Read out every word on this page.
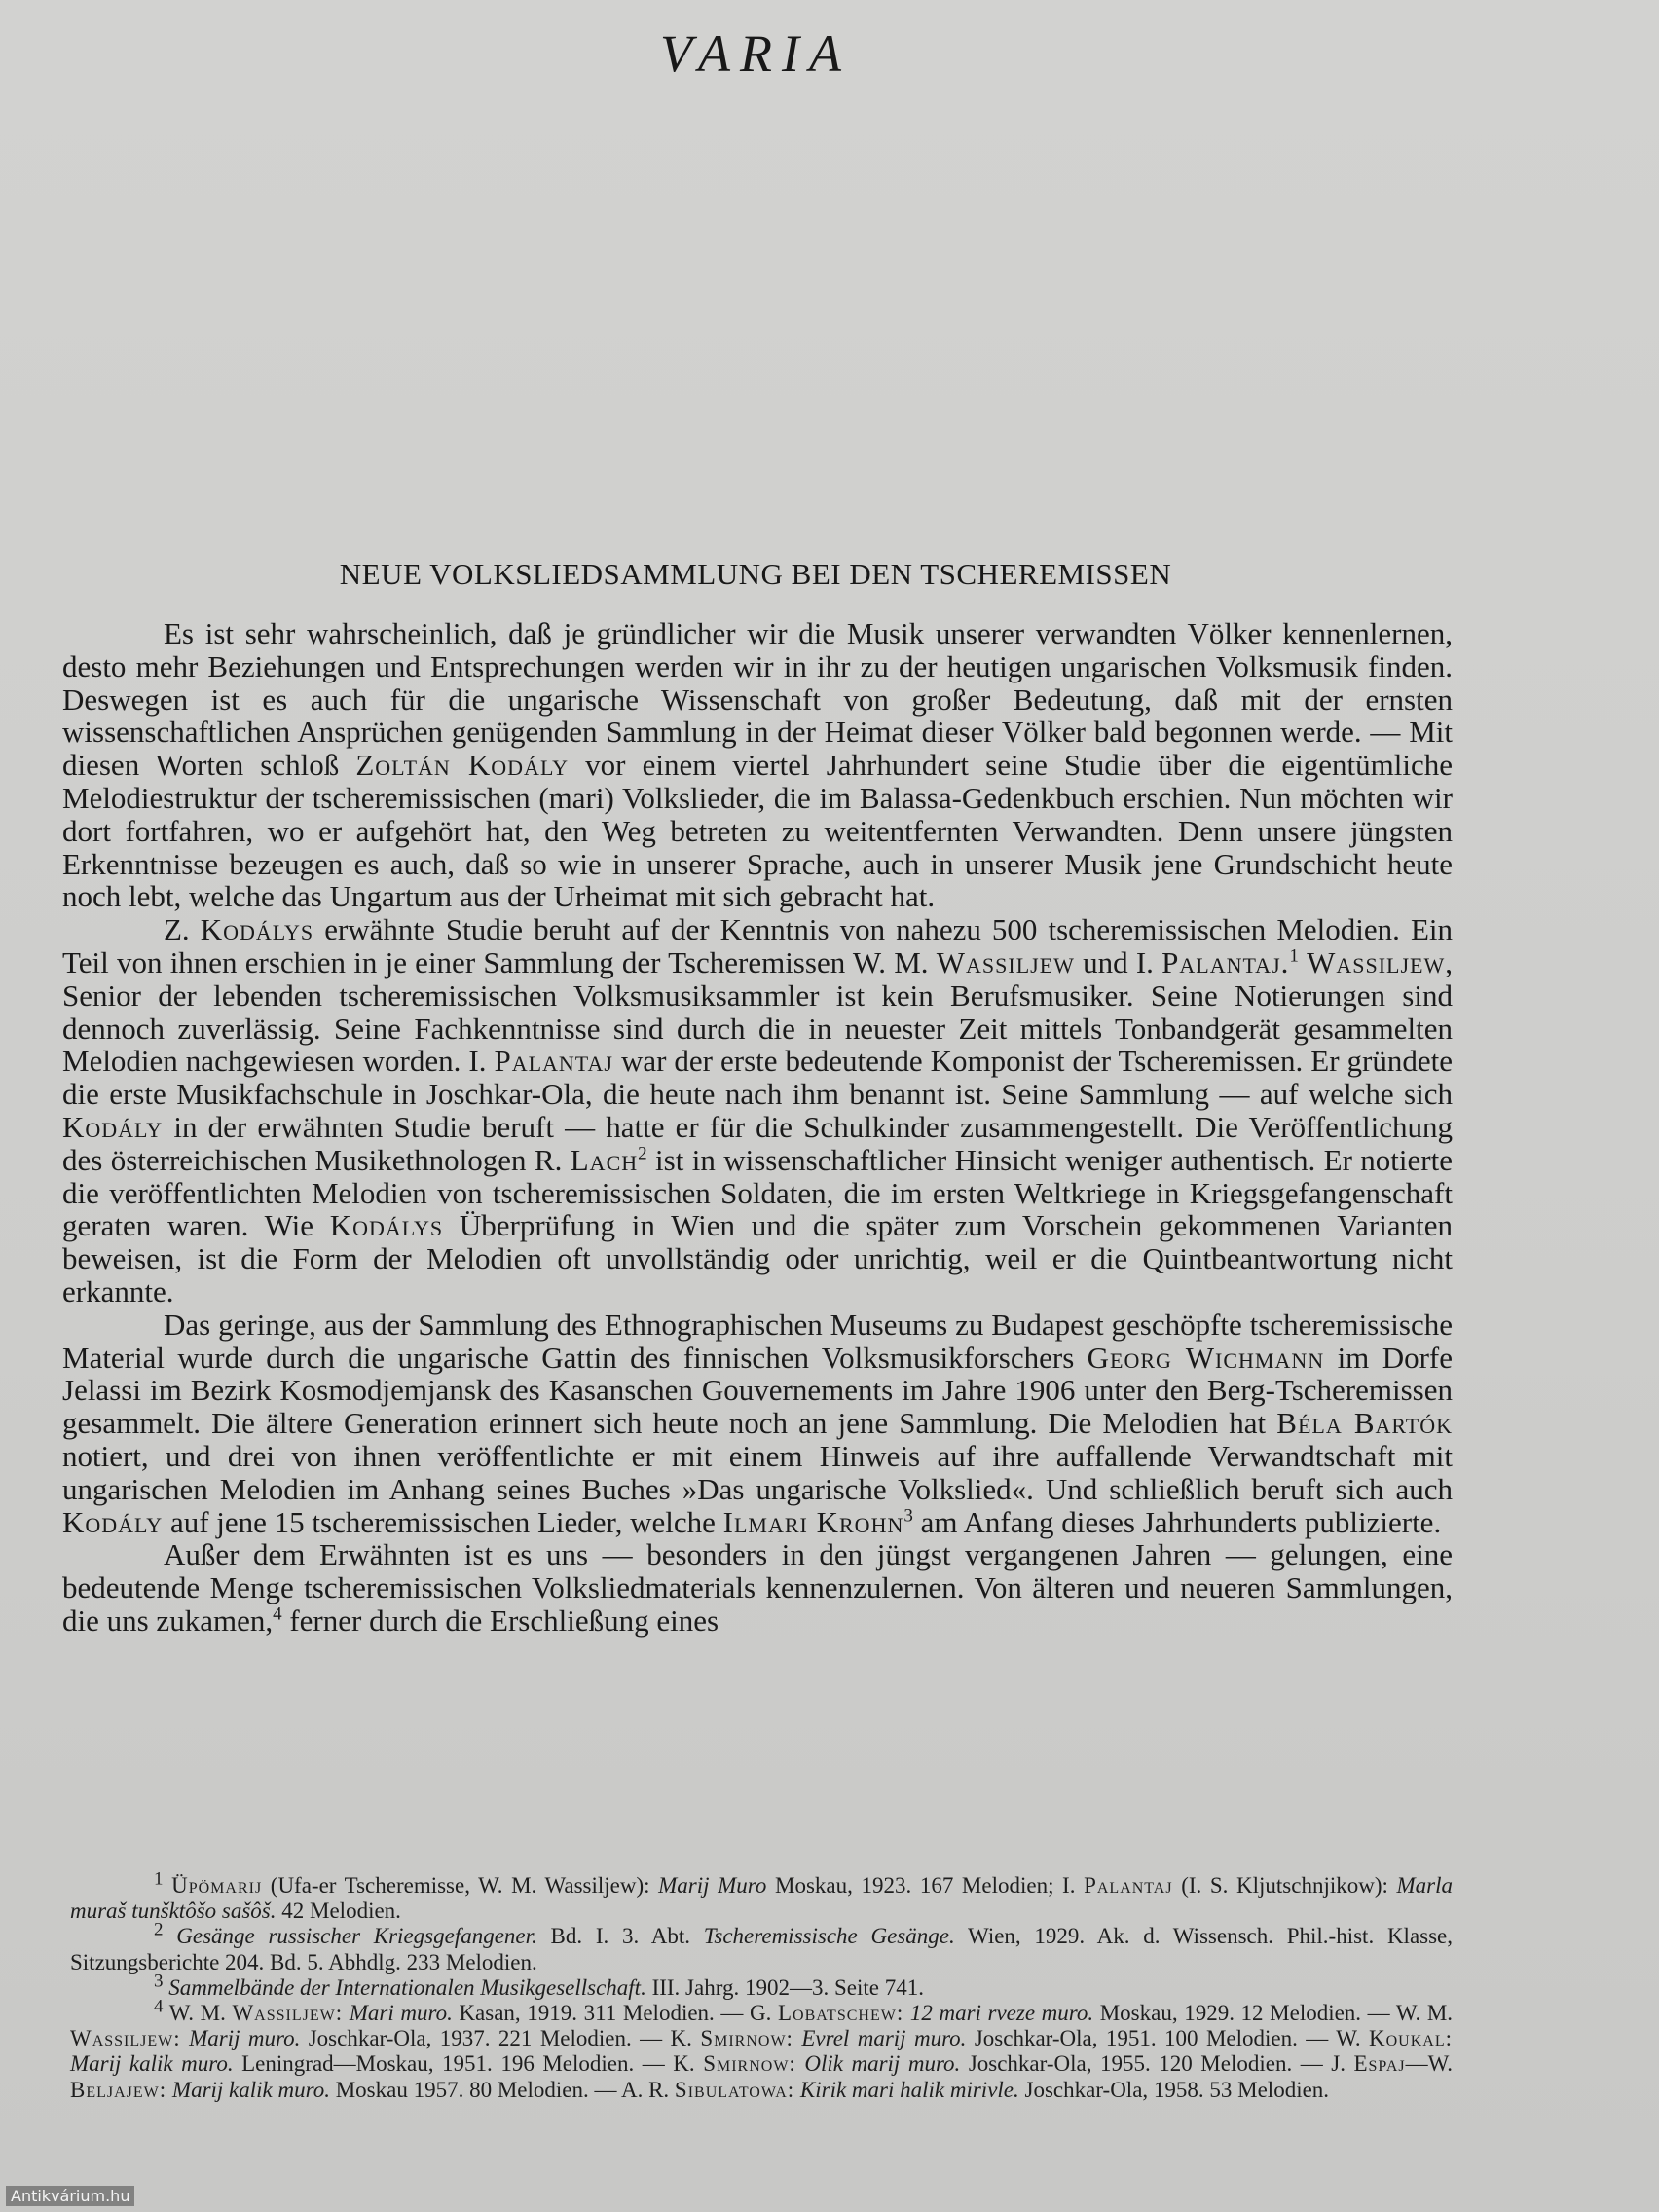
VARIA
NEUE VOLKSLIEDSAMMLUNG BEI DEN TSCHEREMISSEN

Es ist sehr wahrscheinlich, daß je gründlicher wir die Musik unserer verwandten Völker kennenlernen, desto mehr Beziehungen und Entsprechungen werden wir in ihr zu der heutigen ungarischen Volksmusik finden. Deswegen ist es auch für die ungarische Wissenschaft von großer Bedeutung, daß mit der ernsten wissenschaftlichen Ansprüchen genügenden Sammlung in der Heimat dieser Völker bald begonnen werde. — Mit diesen Worten schloß Zoltán Kodály vor einem viertel Jahrhundert seine Studie über die eigentümliche Melodiestruktur der tscheremissischen (mari) Volkslieder, die im Balassa-Gedenkbuch erschien. Nun möchten wir dort fortfahren, wo er aufgehört hat, den Weg betreten zu weitentfernten Verwandten. Denn unsere jüngsten Erkenntnisse bezeugen es auch, daß so wie in unserer Sprache, auch in unserer Musik jene Grundschicht heute noch lebt, welche das Ungartum aus der Urheimat mit sich gebracht hat.

Z. Kodálys erwähnte Studie beruht auf der Kenntnis von nahezu 500 tscheremissischen Melodien. Ein Teil von ihnen erschien in je einer Sammlung der Tscheremissen W. M. Wassiljew und I. Palantaj.$^1$ Wassiljew, Senior der lebenden tscheremissischen Volksmusiksammler ist kein Berufsmusiker. Seine Notierungen sind dennoch zuverlässig. Seine Fachkenntnisse sind durch die in neuester Zeit mittels Tonbandgerät gesammelten Melodien nachgewiesen worden. I. Palantaj war der erste bedeutende Komponist der Tscheremissen. Er gründete die erste Musikfachschule in Joschkar-Ola, die heute nach ihm benannt ist. Seine Sammlung — auf welche sich Kodály in der erwähnten Studie beruft — hatte er für die Schulkinder zusammengestellt. Die Veröffentlichung des österreichischen Musikethnologen R. Lach$^2$ ist in wissenschaftlicher Hinsicht weniger authentisch. Er notierte die veröffentlichten Melodien von tscheremissischen Soldaten, die im ersten Weltkriege in Kriegsgefangenschaft geraten waren. Wie Kodálys Überprüfung in Wien und die später zum Vorschein gekommenen Varianten beweisen, ist die Form der Melodien oft unvollständig oder unrichtig, weil er die Quintbeantwortung nicht erkannte.

Das geringe, aus der Sammlung des Ethnographischen Museums zu Budapest geschöpfte tscheremissische Material wurde durch die ungarische Gattin des finnischen Volksmusikforschers Georg Wichmann im Dorfe Jelassi im Bezirk Kosmodjemjansk des Kasanschen Gouvernements im Jahre 1906 unter den Berg-Tscheremissen gesammelt. Die ältere Generation erinnert sich heute noch an jene Sammlung. Die Melodien hat Béla Bartók notiert, und drei von ihnen veröffentlichte er mit einem Hinweis auf ihre auffallende Verwandtschaft mit ungarischen Melodien im Anhang seines Buches »Das ungarische Volkslied«. Und schließlich beruft sich auch Kodály auf jene 15 tscheremissischen Lieder, welche Ilmari Krohn$^3$ am Anfang dieses Jahrhunderts publizierte.

Außer dem Erwähnten ist es uns — besonders in den jüngst vergangenen Jahren — gelungen, eine bedeutende Menge tscheremissischen Volksliedmaterials kennenzulernen. Von älteren und neueren Sammlungen, die uns zukamen,$^4$ ferner durch die Erschließung eines

$^1$ Üpömarij (Ufa-er Tscheremisse, W. M. Wassiljew): Marij Muro Moskau, 1923. 167 Melodien; I. Palantaj (I. S. Kljutschnjikow): Marla muraš tunšktôšo sašôš. 42 Melodien.

$^2$ Gesänge russischer Kriegsgefangener. Bd. I. 3. Abt. Tscheremissische Gesänge. Wien, 1929. Ak. d. Wissensch. Phil.-hist. Klasse, Sitzungsberichte 204. Bd. 5. Abhdlg. 233 Melodien.

$^3$ Sammelbände der Internationalen Musikgesellschaft. III. Jahrg. 1902—3. Seite 741.

$^4$ W. M. Wassiljew: Mari muro. Kasan, 1919. 311 Melodien. — G. Lobatschew: 12 mari rveze muro. Moskau, 1929. 12 Melodien. — W. M. Wassiljew: Marij muro. Joschkar-Ola, 1937. 221 Melodien. — K. Smirnow: Evrel marij muro. Joschkar-Ola, 1951. 100 Melodien. — W. Koukal: Marij kalik muro. Leningrad—Moskau, 1951. 196 Melodien. — K. Smirnow: Olik marij muro. Joschkar-Ola, 1955. 120 Melodien. — J. Espaj—W. Beljajew: Marij kalik muro. Moskau 1957. 80 Melodien. — A. R. Sibulatowa: Kirik mari halik mirivle. Joschkar-Ola, 1958. 53 Melodien.

Antikvárium.hu
